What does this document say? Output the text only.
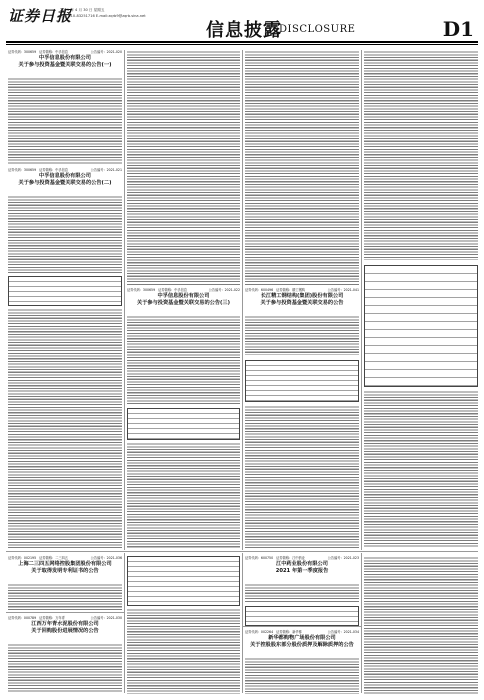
证券日报
2021 年 4 月 30 日 星期五
电话 010-83251716 E-mail:zqrb9@zqrb.sina.net
信息披露
DISCLOSURE	D1
证券代码：300659　 证券简称：中孚信息	公告编号：2021-020
中孚信息股份有限公司
关于参与投资基金暨关联交易的公告(一)
证券代码：300659　 证券简称：中孚信息	公告编号：2021-021
中孚信息股份有限公司
关于参与投资基金暨关联交易的公告(二)
证券代码：300659　 证券简称：中孚信息	公告编号：2021-022
中孚信息股份有限公司
关于参与投资基金暨关联交易的公告(三)
证券代码：600496　 证券简称：精工钢构	公告编号：2021-041
长江精工钢结构(集团)股份有限公司
关于参与投资基金暨关联交易的公告
证券代码：002195　 证券简称：二三四五	公告编号：2021-036
上海二三四五网络控股集团股份有限公司
关于取得发明专利证书的公告
证券代码：000789　 证券简称：万年青	公告编号：2021-030
江西万年青水泥股份有限公司
关于回购股份进展情况的公告
证券代码：600750　 证券简称：江中药业	公告编号：2021-023
江中药业股份有限公司
2021 年第一季度报告
证券代码：002264　 证券简称：新华都	公告编号：2021-034
新华都购物广场股份有限公司
关于控股股东部分股份质押及解除质押的公告
